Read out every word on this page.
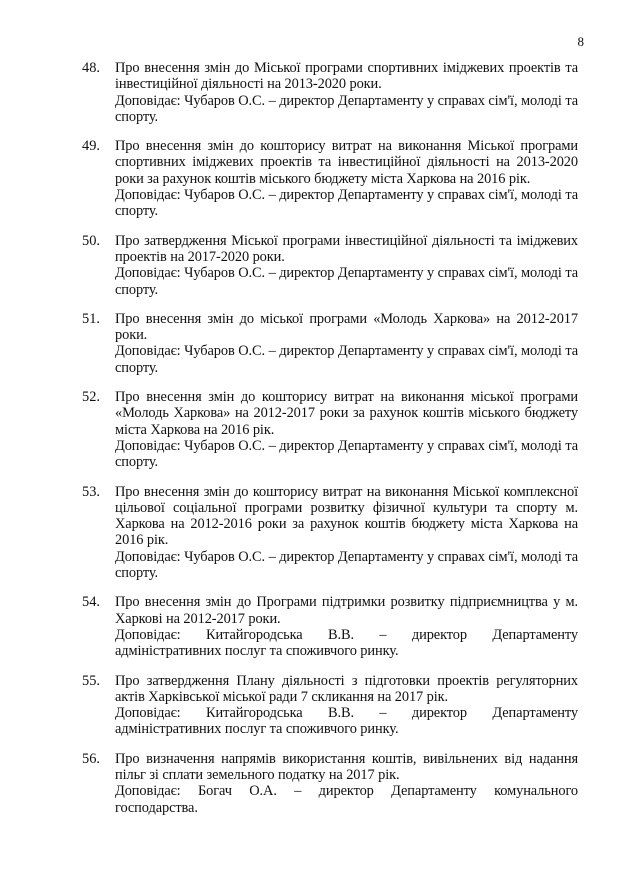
8
48.	Про внесення змін до Міської програми спортивних іміджевих проектів та інвестиційної діяльності на 2013-2020 роки.
Доповідає: Чубаров О.С. – директор Департаменту у справах сім'ї, молоді та спорту.
49.	Про внесення змін до кошторису витрат на виконання Міської програми спортивних іміджевих проектів та інвестиційної діяльності на 2013-2020 роки за рахунок коштів міського бюджету міста Харкова на 2016 рік.
Доповідає: Чубаров О.С. – директор Департаменту у справах сім'ї, молоді та спорту.
50.	Про затвердження Міської програми інвестиційної діяльності та іміджевих проектів на 2017-2020 роки.
Доповідає: Чубаров О.С. – директор Департаменту у справах сім'ї, молоді та спорту.
51.	Про внесення змін до міської програми «Молодь Харкова» на 2012-2017 роки.
Доповідає: Чубаров О.С. – директор Департаменту у справах сім'ї, молоді та спорту.
52.	Про внесення змін до кошторису витрат на виконання міської програми «Молодь Харкова» на 2012-2017 роки за рахунок коштів міського бюджету міста Харкова на 2016 рік.
Доповідає: Чубаров О.С. – директор Департаменту у справах сім'ї, молоді та спорту.
53.	Про внесення змін до кошторису витрат на виконання Міської комплексної цільової соціальної програми розвитку фізичної культури та спорту м. Харкова на 2012-2016 роки за рахунок коштів бюджету міста Харкова на 2016 рік.
Доповідає: Чубаров О.С. – директор Департаменту у справах сім'ї, молоді та спорту.
54.	Про внесення змін до Програми підтримки розвитку підприємництва у м. Харкові на 2012-2017 роки.
Доповідає: Китайгородська В.В. – директор Департаменту адміністративних послуг та споживчого ринку.
55.	Про затвердження Плану діяльності з підготовки проектів регуляторних актів Харківської міської ради 7 скликання на 2017 рік.
Доповідає: Китайгородська В.В. – директор Департаменту адміністративних послуг та споживчого ринку.
56.	Про визначення напрямів використання коштів, вивільнених від надання пільг зі сплати земельного податку на 2017 рік.
Доповідає: Богач О.А. – директор Департаменту комунального господарства.
